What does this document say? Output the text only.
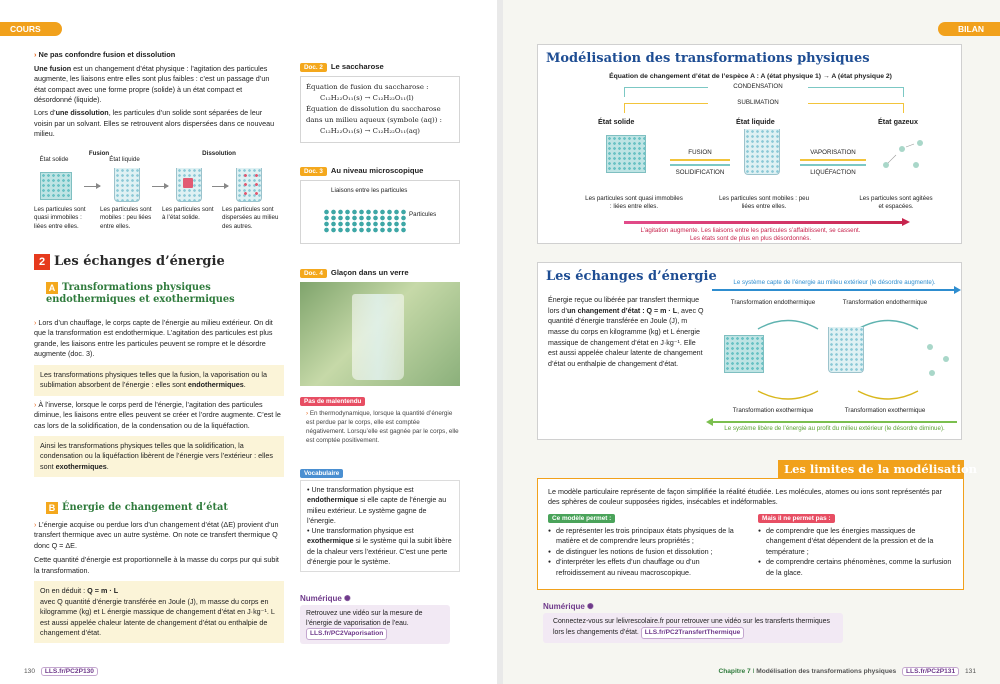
COURS

› Ne pas confondre fusion et dissolution

Une fusion est un changement d’état physique : l’agitation des particules augmente, les liaisons entre elles sont plus faibles : c’est un passage d’un état compact avec une forme propre (solide) à un état compact et désordonné (liquide).

Lors d’une dissolution, les particules d’un solide sont séparées de leur voisin par un solvant. Elles se retrouvent alors dispersées dans ce nouveau milieu.

Fusion	Dissolution
État solide	État liquide
Les particules sont quasi immobiles : liées entre elles.
Les particules sont mobiles : peu liées entre elles.
Les particules sont à l’état solide.
Les particules sont dispersées au milieu des autres.
2 Les échanges d’énergie
A Transformations physiques endothermiques et exothermiques

› Lors d’un chauffage, le corps capte de l’énergie au milieu extérieur. On dit que la transformation est endothermique. L’agitation des particules est plus grande, les liaisons entre les particules peuvent se rompre et le désordre augmente (doc. 3).

Les transformations physiques telles que la fusion, la vaporisation ou la sublimation absorbent de l’énergie : elles sont endothermiques.

› À l’inverse, lorsque le corps perd de l’énergie, l’agitation des particules diminue, les liaisons entre elles peuvent se créer et l’ordre augmente. C’est le cas lors de la solidification, de la condensation ou de la liquéfaction.

Ainsi les transformations physiques telles que la solidification, la condensation ou la liquéfaction libèrent de l’énergie vers l’extérieur : elles sont exothermiques.
B Énergie de changement d’état

› L’énergie acquise ou perdue lors d’un changement d’état (ΔE) provient d’un transfert thermique avec un autre système. On note ce transfert thermique Q donc Q = ΔE.

Cette quantité d’énergie est proportionnelle à la masse du corps pur qui subit la transformation.

On en déduit : Q = m · L
avec Q quantité d’énergie transférée en Joule (J), m masse du corps en kilogramme (kg) et L énergie massique de changement d’état en J·kg⁻¹. L est aussi appelée chaleur latente de changement d’état ou enthalpie de changement d’état.
Doc. 2 Le saccharose
Équation de fusion du saccharose :
C₁₂H₂₂O₁₁(s) → C₁₂H₂₂O₁₁(l)
Équation de dissolution du saccharose dans un milieu aqueux (symbole (aq)) :
C₁₂H₂₂O₁₁(s) → C₁₂H₂₂O₁₁(aq)
Doc. 3 Au niveau microscopique
Liaisons entre les particules
Particules
Doc. 4 Glaçon dans un verre
Pas de malentendu

› En thermodynamique, lorsque la quantité d’énergie est perdue par le corps, elle est comptée négativement. Lorsqu’elle est gagnée par le corps, elle est comptée positivement.

Vocabulaire

• Une transformation physique est endothermique si elle capte de l’énergie au milieu extérieur. Le système gagne de l’énergie.

• Une transformation physique est exothermique si le système qui la subit libère de la chaleur vers l’extérieur. C’est une perte d’énergie pour le système.

Numérique ✺
Retrouvez une vidéo sur la mesure de l’énergie de vaporisation de l’eau.
LLS.fr/PC2Vaporisation
130 LLS.fr/PC2P130
BILAN
Modélisation des transformations physiques
Équation de changement d’état de l’espèce A : A (état physique 1) → A (état physique 2)
CONDENSATION
SUBLIMATION
État solide	État liquide	État gazeux
FUSION
SOLIDIFICATION
VAPORISATION
LIQUÉFACTION
Les particules sont quasi immobiles : liées entre elles.
Les particules sont mobiles : peu liées entre elles.
Les particules sont agitées et espacées.
L’agitation augmente. Les liaisons entre les particules s’affaiblissent, se cassent.
Les états sont de plus en plus désordonnés.
Les échanges d’énergie	Le système capte de l’énergie au milieu extérieur (le désordre augmente).
Énergie reçue ou libérée par transfert thermique lors d’un changement d’état : Q = m · L, avec Q quantité d’énergie transférée en Joule (J), m masse du corps en kilogramme (kg) et L énergie massique de changement d’état en J·kg⁻¹. Elle est aussi appelée chaleur latente de changement d’état ou enthalpie de changement d’état.
Transformation endothermique	Transformation endothermique
Transformation exothermique	Transformation exothermique
Le système libère de l’énergie au profit du milieu extérieur (le désordre diminue).
Les limites de la modélisation

Le modèle particulaire représente de façon simplifiée la réalité étudiée. Les molécules, atomes ou ions sont représentés par des sphères de couleur supposées rigides, insécables et indéformables.

Ce modèle permet :
● de représenter les trois principaux états physiques de la matière et de comprendre leurs propriétés ;
● de distinguer les notions de fusion et dissolution ;
● d’interpréter les effets d’un chauffage ou d’un refroidissement au niveau macroscopique.
Mais il ne permet pas :
● de comprendre que les énergies massiques de changement d’état dépendent de la pression et de la température ;
● de comprendre certains phénomènes, comme la surfusion de la glace.
Numérique ✺
Connectez-vous sur lelivrescolaire.fr pour retrouver une vidéo sur les transferts thermiques lors les changements d’état. LLS.fr/PC2TransfertThermique
Chapitre 7 I Modélisation des transformations physiques LLS.fr/PC2P131 131
